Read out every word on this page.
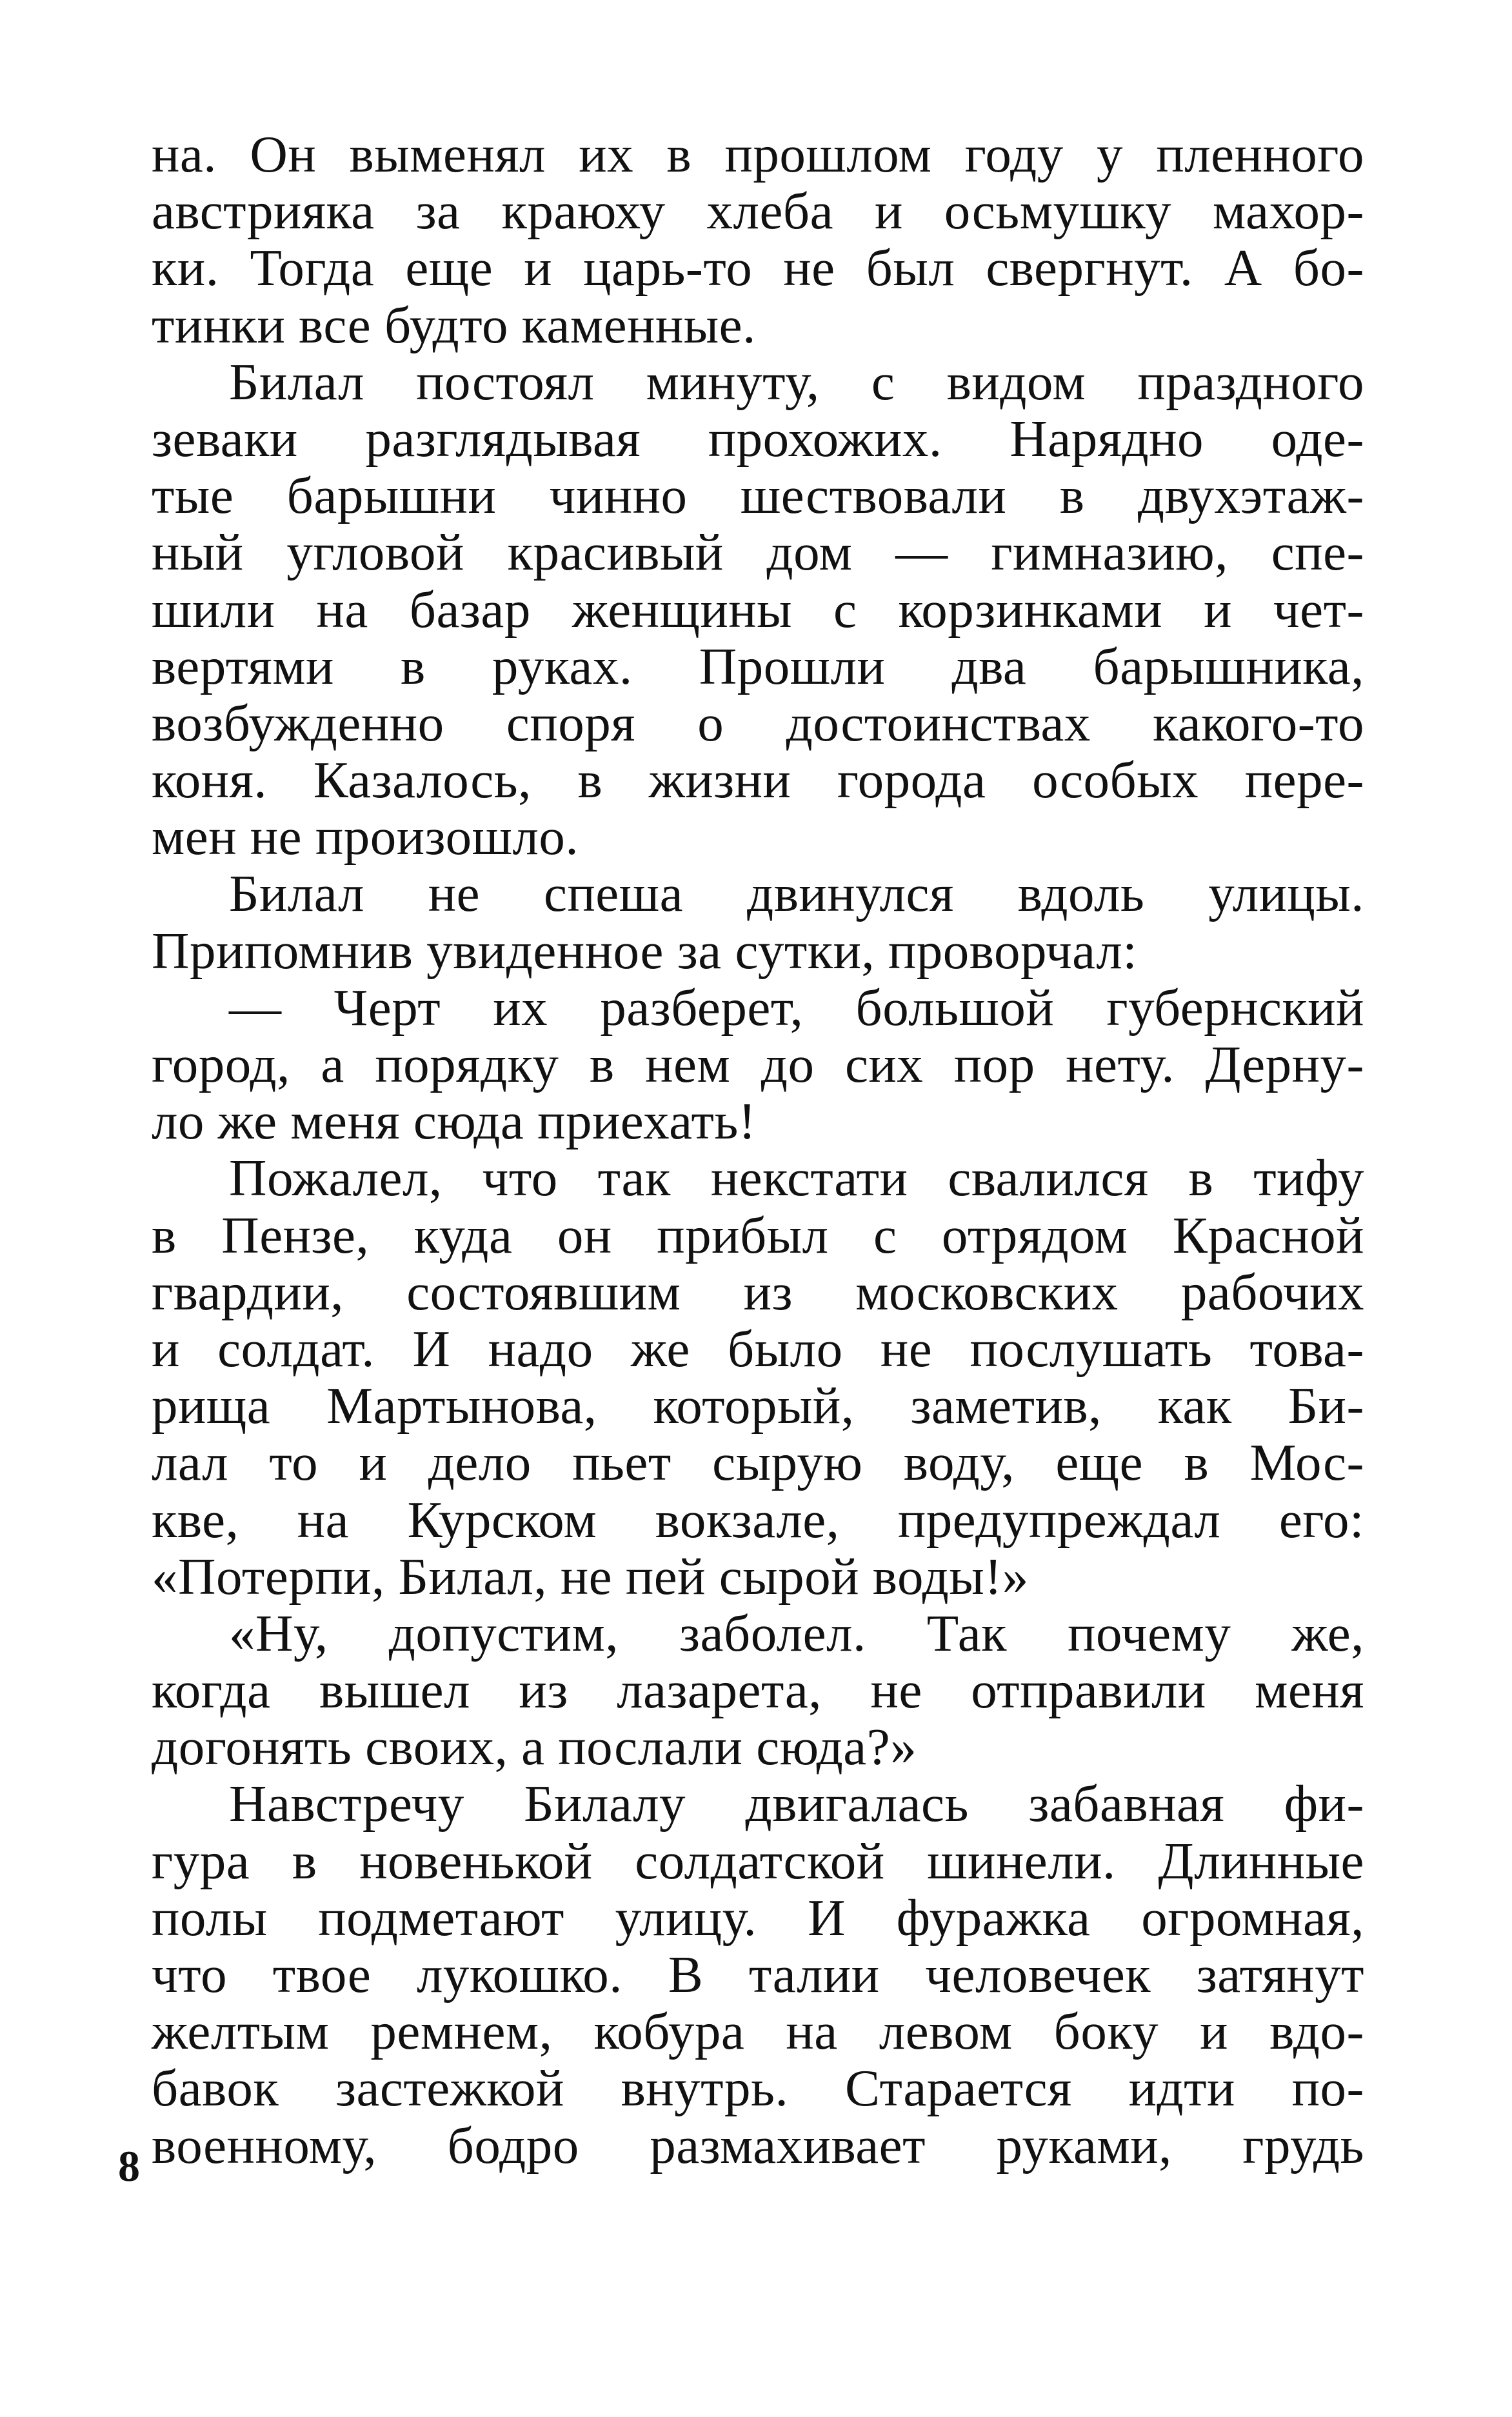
на. Он выменял их в прошлом году у пленного
австрияка за краюху хлеба и осьмушку махор-
ки. Тогда еще и царь-то не был свергнут. А бо-
тинки все будто каменные.
Билал постоял минуту, с видом праздного
зеваки разглядывая прохожих. Нарядно оде-
тые барышни чинно шествовали в двухэтаж-
ный угловой красивый дом — гимназию, спе-
шили на базар женщины с корзинками и чет-
вертями в руках. Прошли два барышника,
возбужденно споря о достоинствах какого-то
коня. Казалось, в жизни города особых пере-
мен не произошло.
Билал не спеша двинулся вдоль улицы.
Припомнив увиденное за сутки, проворчал:
— Черт их разберет, большой губернский
город, а порядку в нем до сих пор нету. Дерну-
ло же меня сюда приехать!
Пожалел, что так некстати свалился в тифу
в Пензе, куда он прибыл с отрядом Красной
гвардии, состоявшим из московских рабочих
и солдат. И надо же было не послушать това-
рища Мартынова, который, заметив, как Би-
лал то и дело пьет сырую воду, еще в Мос-
кве, на Курском вокзале, предупреждал его:
«Потерпи, Билал, не пей сырой воды!»
«Ну, допустим, заболел. Так почему же,
когда вышел из лазарета, не отправили меня
догонять своих, а послали сюда?»
Навстречу Билалу двигалась забавная фи-
гура в новенькой солдатской шинели. Длинные
полы подметают улицу. И фуражка огромная,
что твое лукошко. В талии человечек затянут
желтым ремнем, кобура на левом боку и вдо-
бавок застежкой внутрь. Старается идти по-
военному, бодро размахивает руками, грудь
8
